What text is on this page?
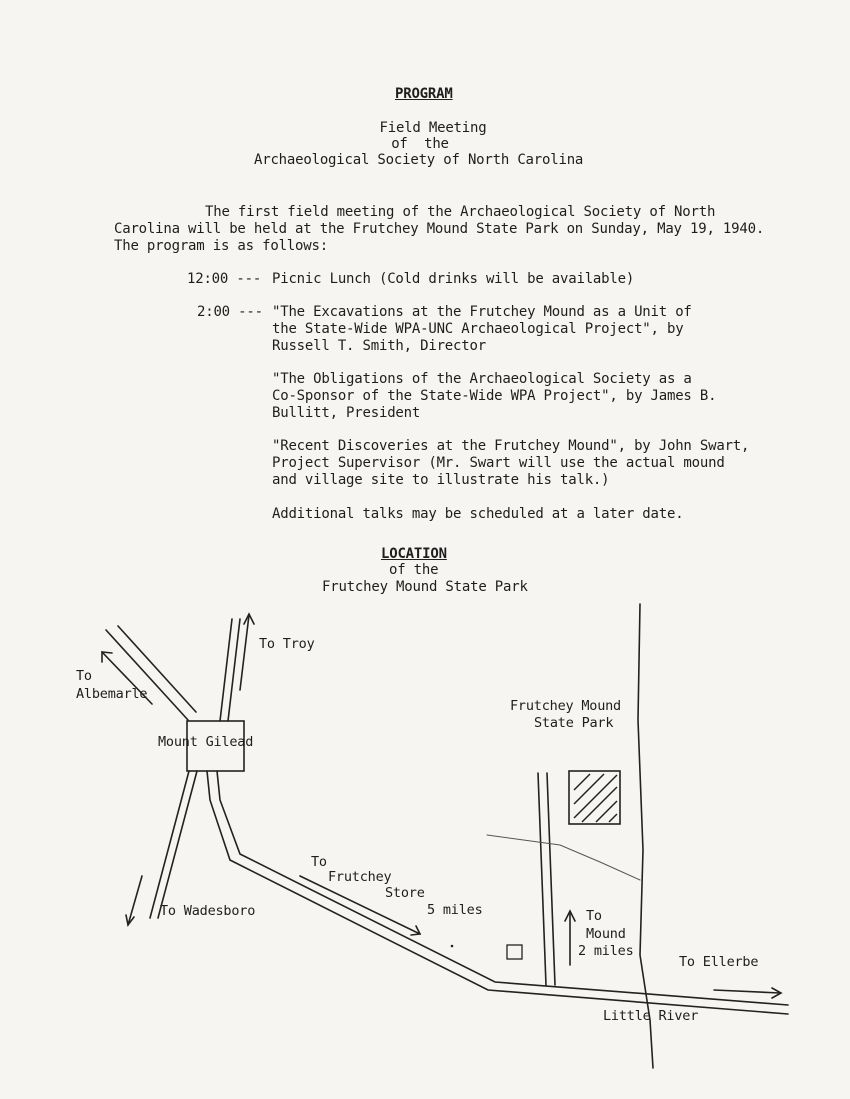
PROGRAM
Field Meeting
of  the
Archaeological Society of North Carolina
The first field meeting of the Archaeological Society of North
Carolina will be held at the Frutchey Mound State Park on Sunday, May 19, 1940.
The program is as follows:
12:00 --- Picnic Lunch (Cold drinks will be available)
2:00 --- "The Excavations at the Frutchey Mound as a Unit of
the State-Wide WPA-UNC Archaeological Project", by
Russell T. Smith, Director
"The Obligations of the Archaeological Society as a
Co-Sponsor of the State-Wide WPA Project", by James B.
Bullitt, President
"Recent Discoveries at the Frutchey Mound", by John Swart,
Project Supervisor (Mr. Swart will use the actual mound
and village site to illustrate his talk.)
Additional talks may be scheduled at a later date.
LOCATION
of the
Frutchey Mound State Park
To Troy
To
Albemarle
Mount Gilead
Frutchey Mound
State Park
To
Frutchey
Store
5 miles
To Wadesboro	To
Mound
2 miles
To Ellerbe
Little River
